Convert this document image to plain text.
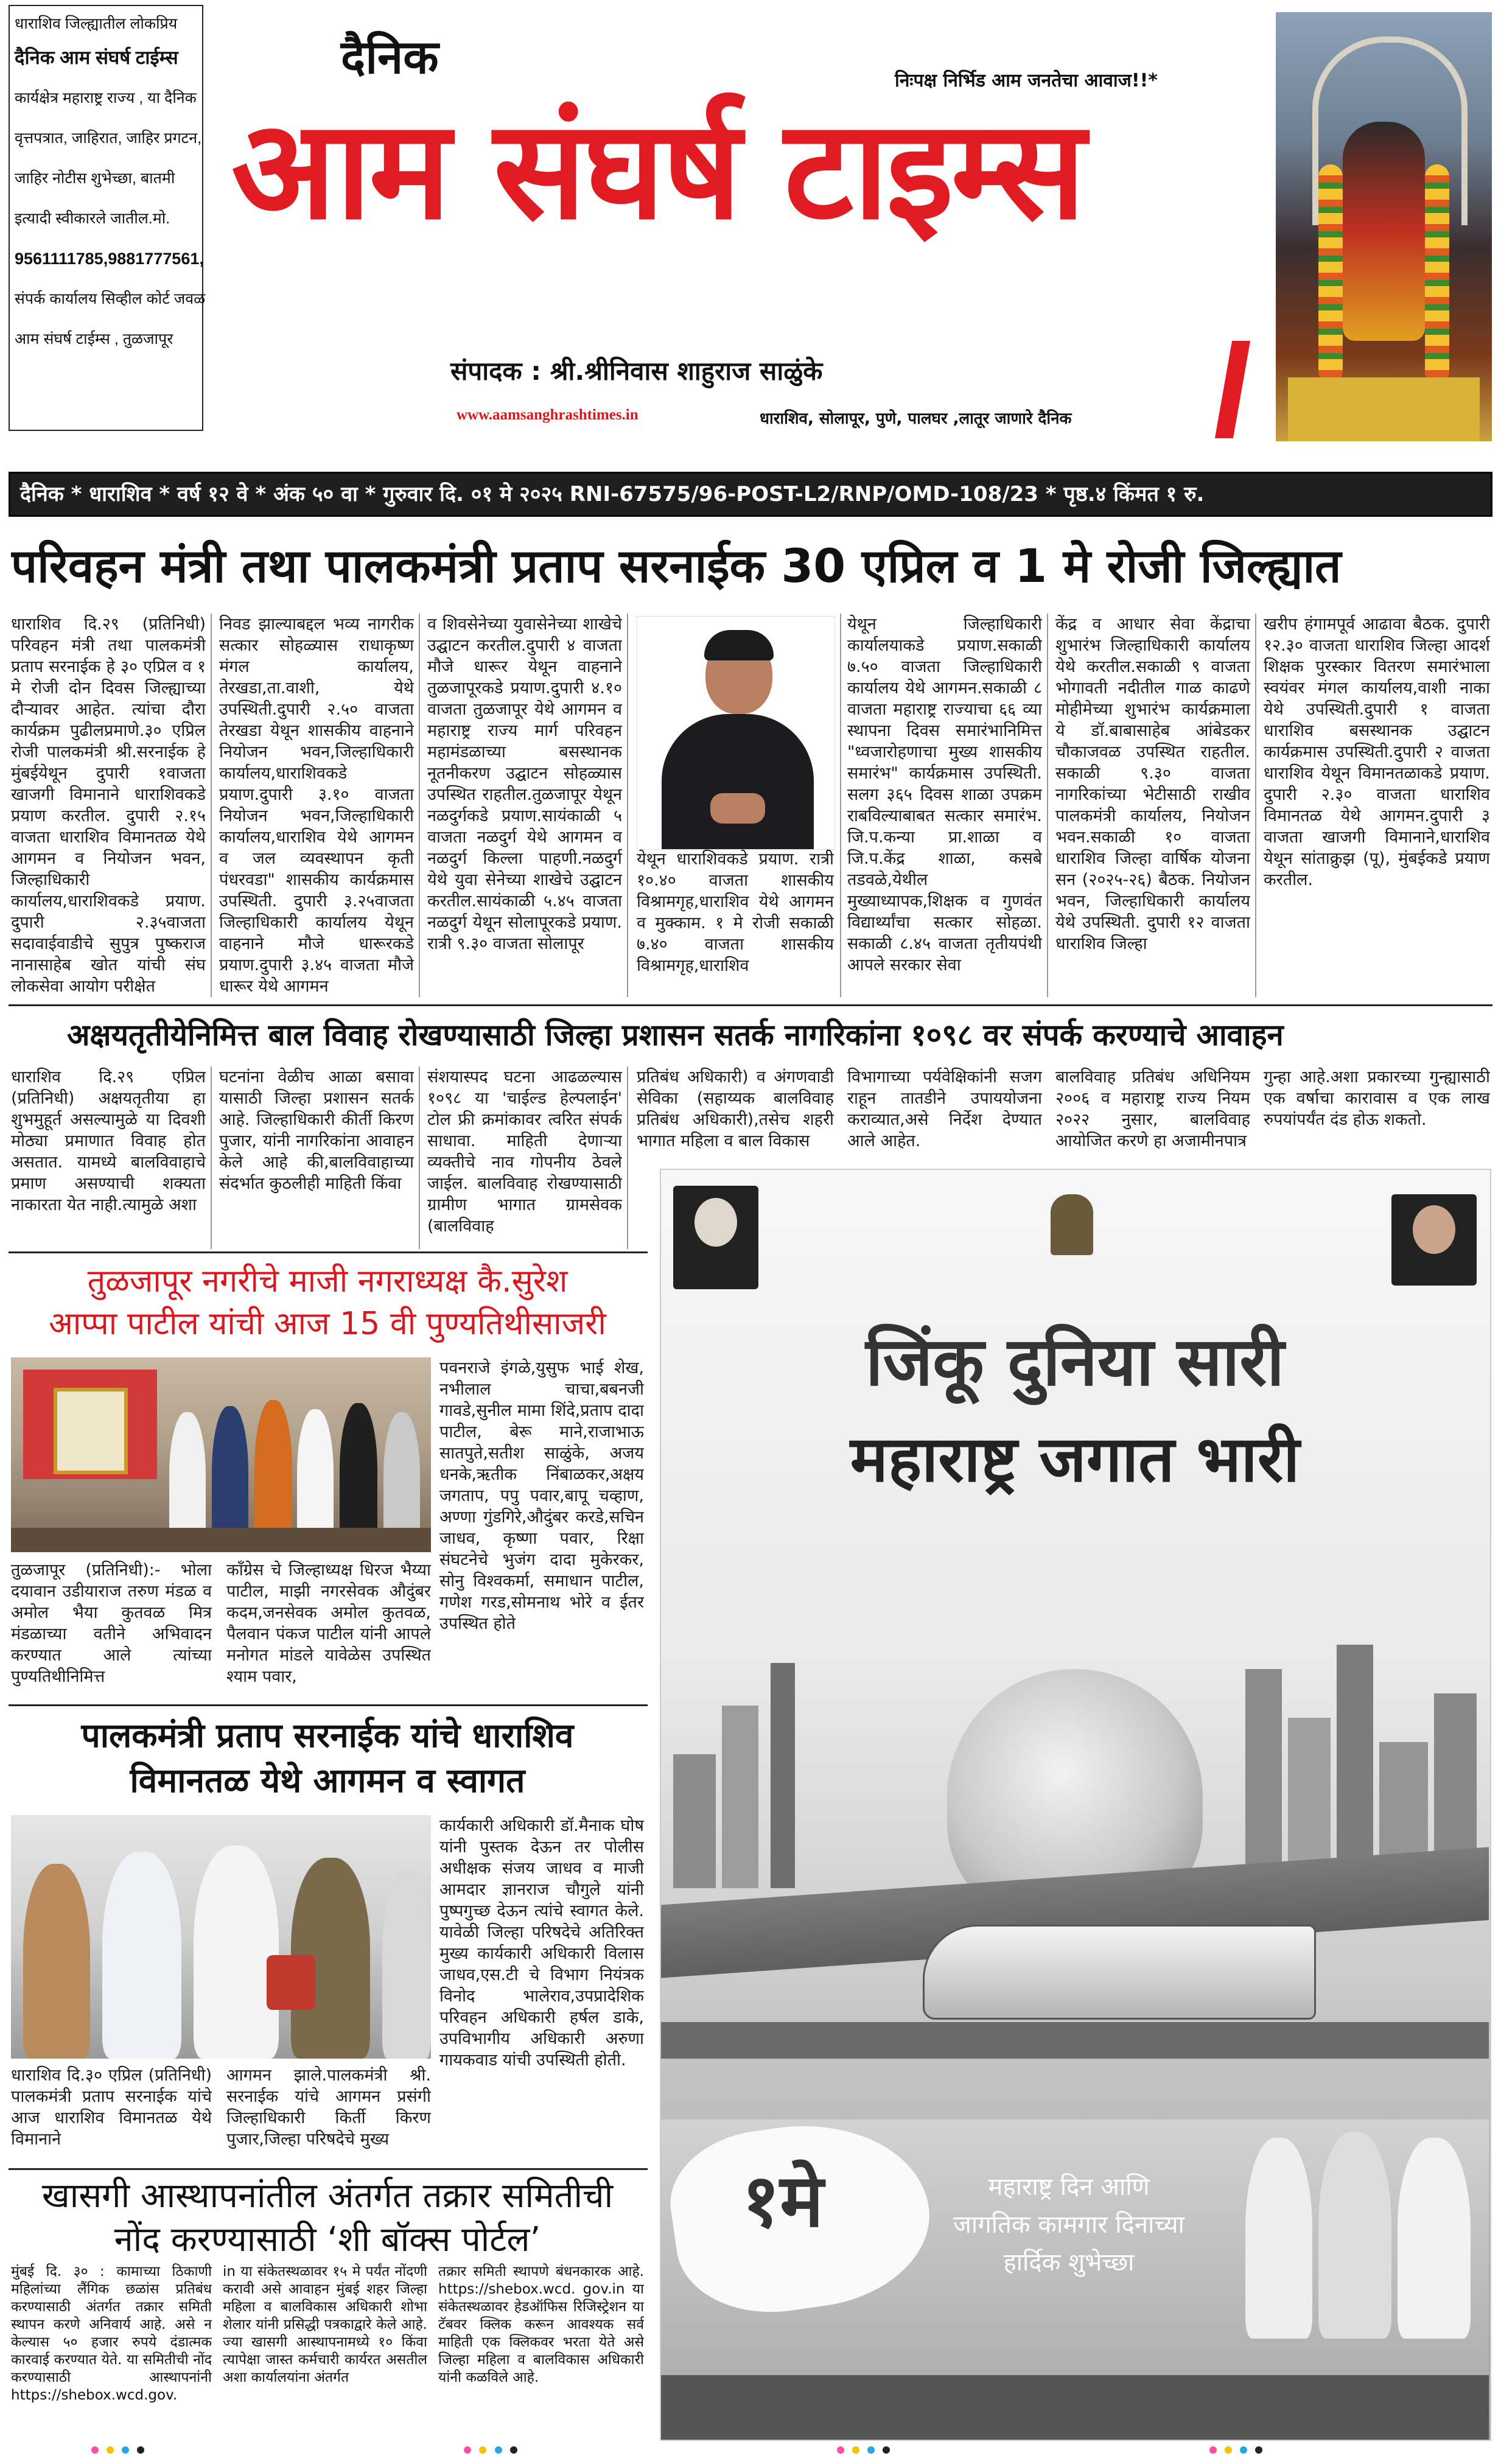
धाराशिव जिल्ह्यातील लोकप्रिय
दैनिक आम संघर्ष टाईम्स
कार्यक्षेत्र महाराष्ट्र राज्य , या दैनिक
वृत्तपत्रात, जाहिरात, जाहिर प्रगटन,
जाहिर नोटीस शुभेच्छा, बातमी
इत्यादी स्वीकारले जातील.मो.
9561111785,9881777561,
संपर्क कार्यालय सिव्हील कोर्ट जवळ
आम संघर्ष टाईम्स , तुळजापूर
दैनिक	निःपक्ष निर्भिड आम जनतेचा आवाज!!*
आम संघर्ष टाइम्स
संपादक : श्री.श्रीनिवास शाहुराज साळुंके
www.aamsanghrashtimes.in	धाराशिव, सोलापूर, पुणे, पालघर ,लातूर जाणारे दैनिक
दैनिक * धाराशिव * वर्ष १२ वे * अंक ५० वा * गुरुवार दि. ०१ मे २०२५ RNI-67575/96-POST-L2/RNP/OMD-108/23 * पृष्ठ.४ किंमत १ रु.
परिवहन मंत्री तथा पालकमंत्री प्रताप सरनाईक 30 एप्रिल व 1 मे रोजी जिल्ह्यात
धाराशिव दि.२९ (प्रतिनिधी) परिवहन मंत्री तथा पालकमंत्री प्रताप सरनाईक हे ३० एप्रिल व १ मे रोजी दोन दिवस जिल्ह्याच्या दौऱ्यावर आहेत. त्यांचा दौरा कार्यक्रम पुढीलप्रमाणे.३० एप्रिल रोजी पालकमंत्री श्री.सरनाईक हे मुंबईयेथून दुपारी १वाजता खाजगी विमानाने धाराशिवकडे प्रयाण करतील. दुपारी २.१५ वाजता धाराशिव विमानतळ येथे आगमन व नियोजन भवन, जिल्हाधिकारी कार्यालय,धाराशिवकडे प्रयाण. दुपारी २.३५वाजता सदावाईवाडीचे सुपुत्र पुष्कराज नानासाहेब खोत यांची संघ लोकसेवा आयोग परीक्षेत
निवड झाल्याबद्दल भव्य नागरीक सत्कार सोहळ्यास राधाकृष्ण मंगल कार्यालय, तेरखडा,ता.वाशी, येथे उपस्थिती.दुपारी २.५० वाजता तेरखडा येथून शासकीय वाहनाने नियोजन भवन,जिल्हाधिकारी कार्यालय,धाराशिवकडे प्रयाण.दुपारी ३.१० वाजता नियोजन भवन,जिल्हाधिकारी कार्यालय,धाराशिव येथे आगमन व जल व्यवस्थापन कृती पंधरवडा" शासकीय कार्यक्रमास उपस्थिती. दुपारी ३.२५वाजता जिल्हाधिकारी कार्यालय येथून वाहनाने मौजे धारूरकडे प्रयाण.दुपारी ३.४५ वाजता मौजे धारूर येथे आगमन
व शिवसेनेच्या युवासेनेच्या शाखेचे उद्घाटन करतील.दुपारी ४ वाजता मौजे धारूर येथून वाहनाने तुळजापूरकडे प्रयाण.दुपारी ४.१० वाजता तुळजापूर येथे आगमन व महाराष्ट्र राज्य मार्ग परिवहन महामंडळाच्या बसस्थानक नूतनीकरण उद्घाटन सोहळ्यास उपस्थित राहतील.तुळजापूर येथून नळदुर्गकडे प्रयाण.सायंकाळी ५ वाजता नळदुर्ग येथे आगमन व नळदुर्ग किल्ला पाहणी.नळदुर्ग येथे युवा सेनेच्या शाखेचे उद्घाटन करतील.सायंकाळी ५.४५ वाजता नळदुर्ग येथून सोलापूरकडे प्रयाण. रात्री ९.३० वाजता सोलापूर
येथून धाराशिवकडे प्रयाण. रात्री १०.४० वाजता शासकीय विश्रामगृह,धाराशिव येथे आगमन व मुक्काम. १ मे रोजी सकाळी ७.४० वाजता शासकीय विश्रामगृह,धाराशिव
येथून जिल्हाधिकारी कार्यालयाकडे प्रयाण.सकाळी ७.५० वाजता जिल्हाधिकारी कार्यालय येथे आगमन.सकाळी ८ वाजता महाराष्ट्र राज्याचा ६६ व्या स्थापना दिवस समारंभानिमित्त "ध्वजारोहणाचा मुख्य शासकीय समारंभ" कार्यक्रमास उपस्थिती. सलग ३६५ दिवस शाळा उपक्रम राबविल्याबाबत सत्कार समारंभ. जि.प.कन्या प्रा.शाळा व जि.प.केंद्र शाळा, कसबे तडवळे,येथील मुख्याध्यापक,शिक्षक व गुणवंत विद्यार्थ्यांचा सत्कार सोहळा. सकाळी ८.४५ वाजता तृतीयपंथी आपले सरकार सेवा
केंद्र व आधार सेवा केंद्राचा शुभारंभ जिल्हाधिकारी कार्यालय येथे करतील.सकाळी ९ वाजता भोगावती नदीतील गाळ काढणे मोहीमेच्या शुभारंभ कार्यक्रमाला ये डॉ.बाबासाहेब आंबेडकर चौकाजवळ उपस्थित राहतील. सकाळी ९.३० वाजता नागरिकांच्या भेटीसाठी राखीव पालकमंत्री कार्यालय, नियोजन भवन.सकाळी १० वाजता धाराशिव जिल्हा वार्षिक योजना सन (२०२५-२६) बैठक. नियोजन भवन, जिल्हाधिकारी कार्यालय येथे उपस्थिती. दुपारी १२ वाजता धाराशिव जिल्हा
खरीप हंगामपूर्व आढावा बैठक. दुपारी १२.३० वाजता धाराशिव जिल्हा आदर्श शिक्षक पुरस्कार वितरण समारंभाला स्वयंवर मंगल कार्यालय,वाशी नाका येथे उपस्थिती.दुपारी १ वाजता धाराशिव बसस्थानक उद्घाटन कार्यक्रमास उपस्थिती.दुपारी २ वाजता धाराशिव येथून विमानतळाकडे प्रयाण. दुपारी २.३० वाजता धाराशिव विमानतळ येथे आगमन.दुपारी ३ वाजता खाजगी विमानाने,धाराशिव येथून सांताक्रुझ (पू), मुंबईकडे प्रयाण करतील.
अक्षयतृतीयेनिमित्त बाल विवाह रोखण्यासाठी जिल्हा प्रशासन सतर्क नागरिकांना १०९८ वर संपर्क करण्याचे आवाहन
धाराशिव दि.२९ एप्रिल (प्रतिनिधी) अक्षयतृतीया हा शुभमुहूर्त असल्यामुळे या दिवशी मोठ्या प्रमाणात विवाह होत असतात. यामध्ये बालविवाहाचे प्रमाण असण्याची शक्यता नाकारता येत नाही.त्यामुळे अशा
घटनांना वेळीच आळा बसावा यासाठी जिल्हा प्रशासन सतर्क आहे. जिल्हाधिकारी कीर्ती किरण पुजार, यांनी नागरिकांना आवाहन केले आहे की,बालविवाहाच्या संदर्भात कुठलीही माहिती किंवा
संशयास्पद घटना आढळल्यास १०९८ या 'चाईल्ड हेल्पलाईन' टोल फ्री क्रमांकावर त्वरित संपर्क साधावा. माहिती देणाऱ्या व्यक्तीचे नाव गोपनीय ठेवले जाईल. बालविवाह रोखण्यासाठी ग्रामीण भागात ग्रामसेवक (बालविवाह
प्रतिबंध अधिकारी) व अंगणवाडी सेविका (सहाय्यक बालविवाह प्रतिबंध अधिकारी),तसेच शहरी भागात महिला व बाल विकास
विभागाच्या पर्यवेक्षिकांनी सजग राहून तातडीने उपाययोजना कराव्यात,असे निर्देश देण्यात आले आहेत.
बालविवाह प्रतिबंध अधिनियम २००६ व महाराष्ट्र राज्य नियम २०२२ नुसार, बालविवाह आयोजित करणे हा अजामीनपात्र
गुन्हा आहे.अशा प्रकारच्या गुन्ह्यासाठी एक वर्षाचा कारावास व एक लाख रुपयांपर्यंत दंड होऊ शकतो.
तुळजापूर नगरीचे माजी नगराध्यक्ष कै.सुरेश
आप्पा पाटील यांची आज 15 वी पुण्यतिथीसाजरी
पवनराजे इंगळे,युसुफ भाई शेख, नभीलाल चाचा,बबनजी गावडे,सुनील मामा शिंदे,प्रताप दादा पाटील, बेरू माने,राजाभाऊ सातपुते,सतीश साळुंके, अजय धनके,ऋतीक निंबाळकर,अक्षय जगताप, पपु पवार,बापू चव्हाण, अण्णा गुंडगिरे,औदुंबर करडे,सचिन जाधव, कृष्णा पवार, रिक्षा संघटनेचे भुजंग दादा मुकेरकर, सोनु विश्वकर्मा, समाधान पाटील, गणेश गरड,सोमनाथ भोरे व ईतर उपस्थित होते
तुळजापूर (प्रतिनिधी):- भोला दयावान उडीयाराज तरुण मंडळ व अमोल भैया कुतवळ मित्र मंडळाच्या वतीने अभिवादन करण्यात आले त्यांच्या पुण्यतिथीनिमित्त
काँग्रेस चे जिल्हाध्यक्ष धिरज भैय्या पाटील, माझी नगरसेवक औदुंबर कदम,जनसेवक अमोल कुतवळ, पैलवान पंकज पाटील यांनी आपले मनोगत मांडले यावेळेस उपस्थित श्याम पवार,
पालकमंत्री प्रताप सरनाईक यांचे धाराशिव
विमानतळ येथे आगमन व स्वागत
कार्यकारी अधिकारी डॉ.मैनाक घोष यांनी पुस्तक देऊन तर पोलीस अधीक्षक संजय जाधव व माजी आमदार ज्ञानराज चौगुले यांनी पुष्पगुच्छ देऊन त्यांचे स्वागत केले. यावेळी जिल्हा परिषदेचे अतिरिक्त मुख्य कार्यकारी अधिकारी विलास जाधव,एस.टी चे विभाग नियंत्रक विनोद भालेराव,उपप्रादेशिक परिवहन अधिकारी हर्षल डाके, उपविभागीय अधिकारी अरुणा गायकवाड यांची उपस्थिती होती.
धाराशिव दि.३० एप्रिल (प्रतिनिधी) पालकमंत्री प्रताप सरनाईक यांचे आज धाराशिव विमानतळ येथे विमानाने
आगमन झाले.पालकमंत्री श्री. सरनाईक यांचे आगमन प्रसंगी जिल्हाधिकारी किर्ती किरण पुजार,जिल्हा परिषदेचे मुख्य
खासगी आस्थापनांतील अंतर्गत तक्रार समितीची
नोंद करण्यासाठी ‘शी बॉक्स पोर्टल’
मुंबई दि. ३० : कामाच्या ठिकाणी महिलांच्या लैंगिक छळांस प्रतिबंध करण्यासाठी अंतर्गत तक्रार समिती स्थापन करणे अनिवार्य आहे. असे न केल्यास ५० हजार रुपये दंडात्मक कारवाई करण्यात येते. या समितीची नोंद करण्यासाठी आस्थापनांनी https://shebox.wcd.gov.
in या संकेतस्थळावर १५ मे पर्यंत नोंदणी करावी असे आवाहन मुंबई शहर जिल्हा महिला व बालविकास अधिकारी शोभा शेलार यांनी प्रसिद्धी पत्रकाद्वारे केले आहे. ज्या खासगी आस्थापनामध्ये १० किंवा त्यापेक्षा जास्त कर्मचारी कार्यरत असतील अशा कार्यालयांना अंतर्गत
तक्रार समिती स्थापणे बंधनकारक आहे. https://shebox.wcd. gov.in या संकेतस्थळावर हेडऑफिस रिजिस्ट्रेशन या टॅबवर क्लिक करून आवश्यक सर्व माहिती एक क्लिकवर भरता येते असे जिल्हा महिला व बालविकास अधिकारी यांनी कळविले आहे.
जिंकू दुनिया सारी
महाराष्ट्र जगात भारी
१मे	महाराष्ट्र दिन आणि
जागतिक कामगार दिनाच्या
हार्दिक शुभेच्छा
